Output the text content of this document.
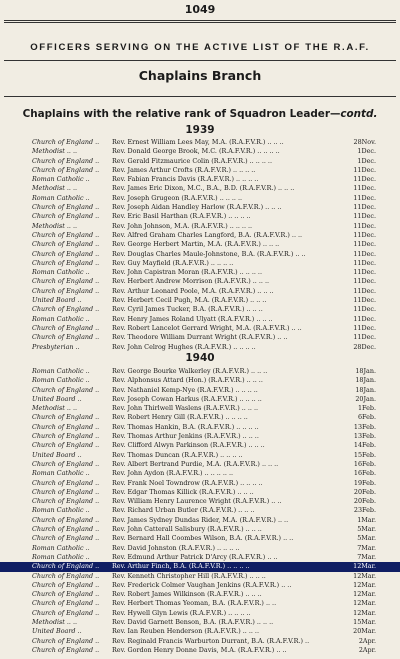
1049
OFFICERS SERVING ON THE ACTIVE LIST OF THE R.A.F.
Chaplains Branch
Chaplains with the relative rank of Squadron Leader—contd.
1939
Church of England .. Rev. Ernest William Lees May, M.A. (R.A.F.V.R.) .. .. ..	28Nov.
Methodist .. ..	Rev. Donald George Brook, M.C. (R.A.F.V.R.) .. .. .. ..	1Dec.
Church of England .. Rev. Gerald Fitzmaurice Colin (R.A.F.V.R.) .. .. .. ..	1Dec.
Church of England .. Rev. James Arthur Crofts (R.A.F.V.R.) .. .. .. ..	11Dec.
Roman Catholic ..	Rev. Fabian Francis Davis (R.A.F.V.R.) .. .. .. ..	11Dec.
Methodist .. ..	Rev. James Eric Dixon, M.C., B.A., B.D. (R.A.F.V.R.) .. .. ..	11Dec.
Roman Catholic ..	Rev. Joseph Grugeon (R.A.F.V.R.) .. .. .. ..	11Dec.
Church of England .. Rev. Joseph Aidan Handley Harlow (R.A.F.V.R.) .. .. ..	11Dec.
Church of England .. Rev. Eric Basil Harthan (R.A.F.V.R.) .. .. .. ..	11Dec.
Methodist .. ..	Rev. John Johnson, M.A. (R.A.F.V.R.) .. .. .. ..	11Dec.
Church of England .. Rev. Alfred Graham Charles Langford, B.A. (R.A.F.V.R.) .. ..	11Dec.
Church of England .. Rev. George Herbert Martin, M.A. (R.A.F.V.R.) .. .. ..	11Dec.
Church of England .. Rev. Douglas Charles Maule-Johnstone, B.A. (R.A.F.V.R.) .. ..	11Dec.
Church of England .. Rev. Guy Mayfield (R.A.F.V.R.) .. .. .. ..	11Dec.
Roman Catholic ..	Rev. John Capistran Moran (R.A.F.V.R.) .. .. .. ..	11Dec.
Church of England .. Rev. Herbert Andrew Morrison (R.A.F.V.R.) .. .. ..	11Dec.
Church of England .. Rev. Arthur Leonard Poole, M.A. (R.A.F.V.R.) .. .. ..	11Dec.
United Board ..	Rev. Herbert Cecil Pugh, M.A. (R.A.F.V.R.) .. .. ..	11Dec.
Church of England .. Rev. Cyril James Tucker, B.A. (R.A.F.V.R.) .. .. ..	11Dec.
Roman Catholic ..	Rev. Henry James Roland Ulyatt (R.A.F.V.R.) .. .. ..	11Dec.
Church of England .. Rev. Robert Lancelot Gerrard Wright, M.A. (R.A.F.V.R.) .. ..	11Dec.
Church of England .. Rev. Theodore William Durrant Wright (R.A.F.V.R.) .. ..	11Dec.
Presbyterian ..	Rev. John Celrog Hughes (R.A.F.V.R.) .. .. .. ..	28Dec.
1940
Roman Catholic ..	Rev. George Bourke Walkerley (R.A.F.V.R.) .. .. ..	18Jan.
Roman Catholic ..	Rev. Alphonsus Attard (Hon.) (R.A.F.V.R.) .. .. ..	18Jan.
Church of England .. Rev. Nathaniel Kemp-Nye (R.A.F.V.R.) .. .. .. ..	18Jan.
United Board ..	Rev. Joseph Cowan Harkus (R.A.F.V.R.) .. .. .. ..	20Jan.
Methodist .. ..	Rev. John Thirlwell Waslens (R.A.F.V.R.) .. .. ..	1Feb.
Church of England .. Rev. Robert Henry Gill (R.A.F.V.R.) .. .. .. ..	6Feb.
Church of England .. Rev. Thomas Hankin, B.A. (R.A.F.V.R.) .. .. .. ..	13Feb.
Church of England .. Rev. Thomas Arthur Jenkins (R.A.F.V.R.) .. .. ..	13Feb.
Church of England .. Rev. Clifford Alwyn Parkinson (R.A.F.V.R.) .. .. ..	14Feb.
United Board ..	Rev. Thomas Duncan (R.A.F.V.R.) .. .. .. ..	15Feb.
Church of England .. Rev. Albert Bertrand Purdie, M.A. (R.A.F.V.R.) .. .. ..	16Feb.
Roman Catholic ..	Rev. John Aydon (R.A.F.V.R.) .. .. .. .. ..	16Feb.
Church of England .. Rev. Frank Noel Towndrow (R.A.F.V.R.) .. .. .. ..	19Feb.
Church of England .. Rev. Edgar Thomas Killick (R.A.F.V.R.) .. .. ..	20Feb.
Church of England .. Rev. William Henry Laurence Wright (R.A.F.V.R.) .. ..	20Feb.
Roman Catholic ..	Rev. Richard Urban Butler (R.A.F.V.R.) .. .. ..	23Feb.
Church of England .. Rev. James Sydney Dundas Rider, M.A. (R.A.F.V.R.) .. ..	1Mar.
Church of England .. Rev. John Catterall Salisbury (R.A.F.V.R.) .. .. ..	5Mar.
Church of England .. Rev. Bernard Hall Coombes Wilson, B.A. (R.A.F.V.R.) .. ..	5Mar.
Roman Catholic ..	Rev. David Johnston (R.A.F.V.R.) .. .. .. ..	7Mar.
Roman Catholic ..	Rev. Edmund Arthur Patrick D'Arcy (R.A.F.V.R.) .. ..	7Mar.
Church of England .. Rev. Arthur Finch, B.A. (R.A.F.V.R.) .. .. .. ..	12Mar.
Church of England .. Rev. Kenneth Christopher Hill (R.A.F.V.R.) .. .. ..	12Mar.
Church of England .. Rev. Frederick Colmer Vaughan Jenkins (R.A.F.V.R.) .. ..	12Mar.
Church of England .. Rev. Robert James Wilkinson (R.A.F.V.R.) .. .. ..	12Mar.
Church of England .. Rev. Herbert Thomas Yeoman, B.A. (R.A.F.V.R.) .. ..	12Mar.
Church of England .. Rev. Hywell Glyn Lewis (R.A.F.V.R.) .. .. .. ..	12Mar.
Methodist .. ..	Rev. David Garnett Benson, B.A. (R.A.F.V.R.) .. .. ..	15Mar.
United Board ..	Rev. Ian Reuben Henderson (R.A.F.V.R.) .. .. ..	20Mar.
Church of England .. Rev. Reginald Francis Warburton Durrant, B.A. (R.A.F.V.R.) ..	2Apr.
Church of England .. Rev. Gordon Henry Donne Davis, M.A. (R.A.F.V.R.) .. ..	2Apr.
